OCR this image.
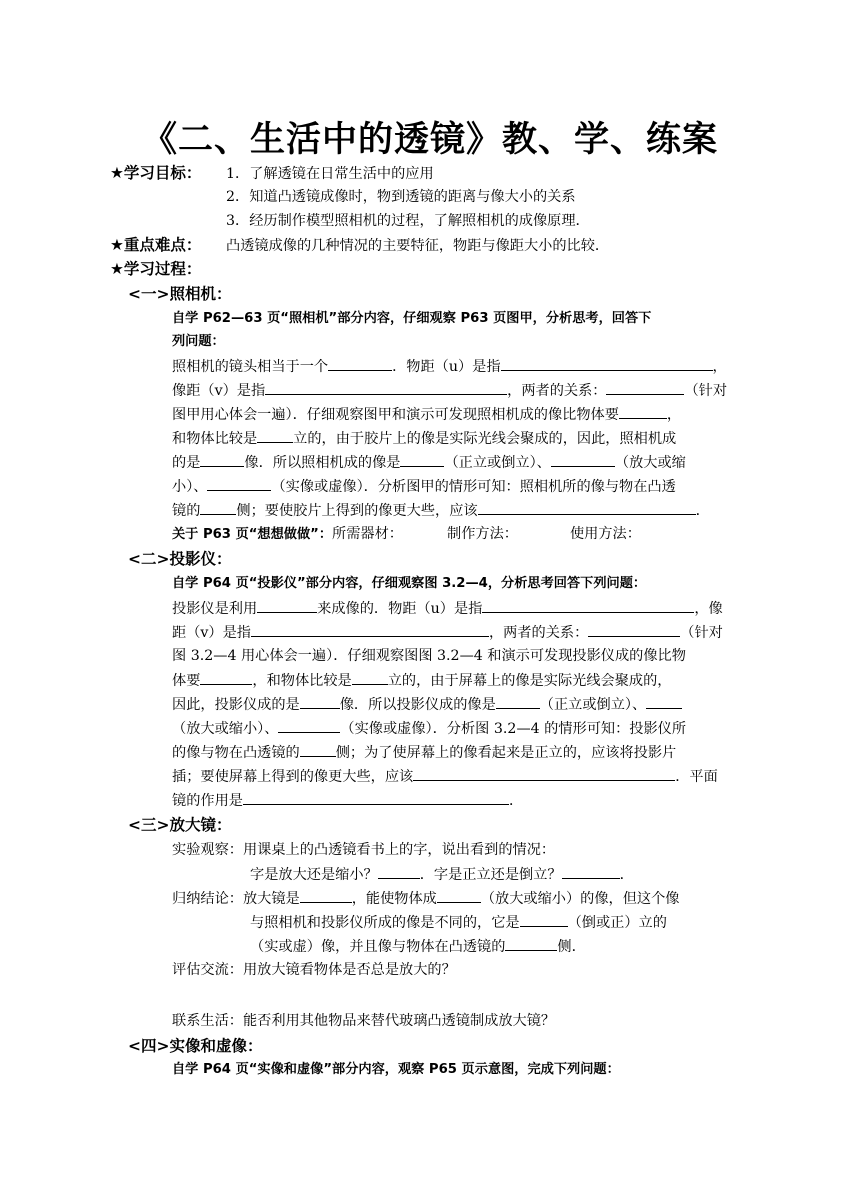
《二、生活中的透镜》教、学、练案
★学习目标： 1．了解透镜在日常生活中的应用
2．知道凸透镜成像时，物到透镜的距离与像大小的关系
3．经历制作模型照相机的过程，了解照相机的成像原理．
★重点难点： 凸透镜成像的几种情况的主要特征，物距与像距大小的比较．
★学习过程：
<一>照相机：
自学 P62—63 页“照相机”部分内容，仔细观察 P63 页图甲，分析思考，回答下
列问题：
照相机的镜头相当于一个	．物距（u）是指	，
像距（v）是指	，两者的关系：	（针对
图甲用心体会一遍）．仔细观察图甲和演示可发现照相机成的像比物体要	，
和物体比较是	立的，由于胶片上的像是实际光线会聚成的，因此，照相机成
的是	像．所以照相机成的像是	（正立或倒立）、	（放大或缩
小）、	（实像或虚像）．分析图甲的情形可知：照相机所的像与物在凸透
镜的	侧；要使胶片上得到的像更大些，应该	．
关于 P63 页“想想做做”：所需器材：	制作方法：	使用方法：
<二>投影仪：
自学 P64 页“投影仪”部分内容，仔细观察图 3.2—4，分析思考回答下列问题：
投影仪是利用	来成像的．物距（u）是指	，像
距（v）是指	，两者的关系：	（针对
图 3.2—4 用心体会一遍）．仔细观察图图 3.2—4 和演示可发现投影仪成的像比物
体要	，和物体比较是	立的，由于屏幕上的像是实际光线会聚成的，
因此，投影仪成的是	像．所以投影仪成的像是	（正立或倒立）、
（放大或缩小）、	（实像或虚像）．分析图 3.2—4 的情形可知：投影仪所
的像与物在凸透镜的	侧；为了使屏幕上的像看起来是正立的，应该将投影片
插；要使屏幕上得到的像更大些，应该	．平面
镜的作用是	．
<三>放大镜：
实验观察：用课桌上的凸透镜看书上的字，说出看到的情况：
字是放大还是缩小？	．字是正立还是倒立？	．
归纳结论：放大镜是	，能使物体成	（放大或缩小）的像，但这个像
与照相机和投影仪所成的像是不同的，它是	（倒或正）立的
（实或虚）像，并且像与物体在凸透镜的	侧．
评估交流：用放大镜看物体是否总是放大的？
联系生活：能否利用其他物品来替代玻璃凸透镜制成放大镜？
<四>实像和虚像：
自学 P64 页“实像和虚像”部分内容，观察 P65 页示意图，完成下列问题：
